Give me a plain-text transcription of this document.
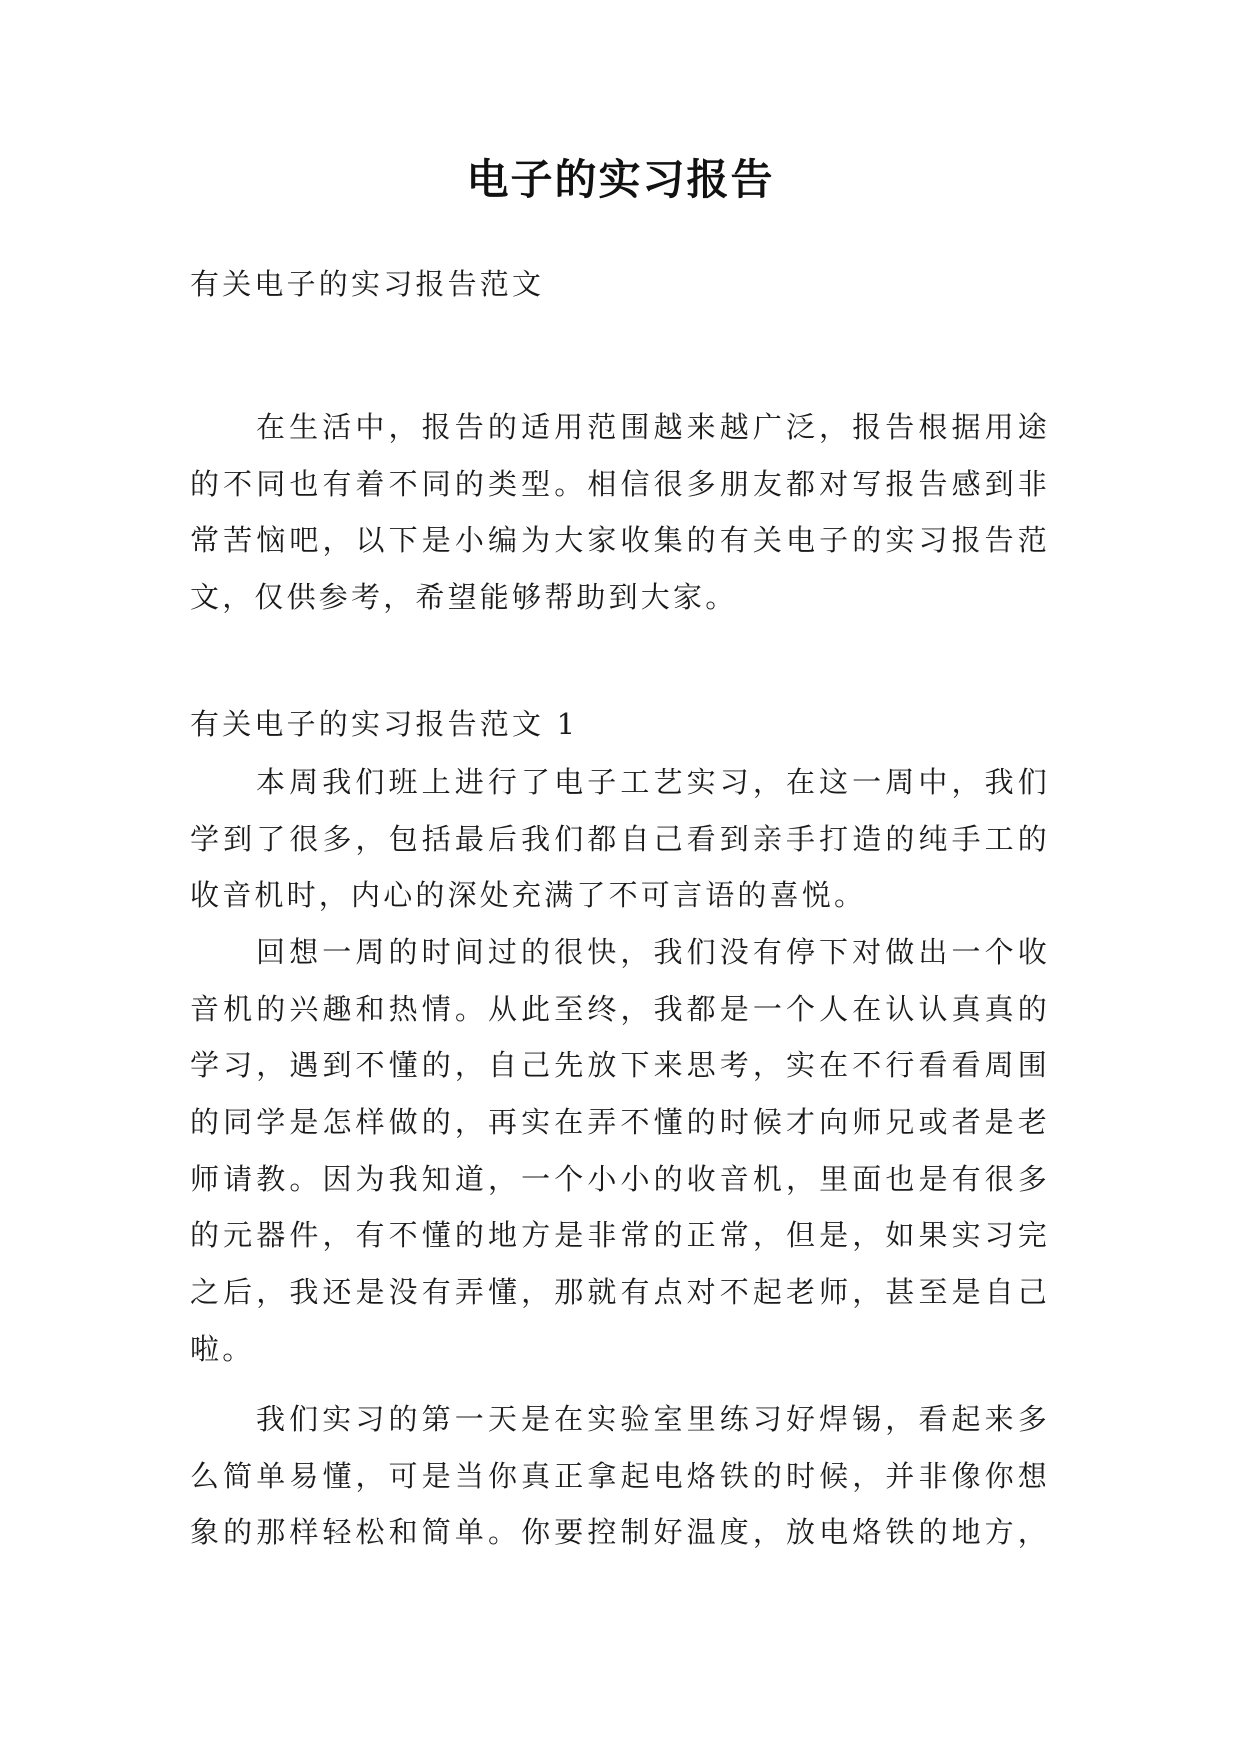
电子的实习报告
有关电子的实习报告范文
在生活中，报告的适用范围越来越广泛，报告根据用途
的不同也有着不同的类型。相信很多朋友都对写报告感到非
常苦恼吧，以下是小编为大家收集的有关电子的实习报告范
文，仅供参考，希望能够帮助到大家。
有关电子的实习报告范文 1
本周我们班上进行了电子工艺实习，在这一周中，我们
学到了很多，包括最后我们都自己看到亲手打造的纯手工的
收音机时，内心的深处充满了不可言语的喜悦。
回想一周的时间过的很快，我们没有停下对做出一个收
音机的兴趣和热情。从此至终，我都是一个人在认认真真的
学习，遇到不懂的，自己先放下来思考，实在不行看看周围
的同学是怎样做的，再实在弄不懂的时候才向师兄或者是老
师请教。因为我知道，一个小小的收音机，里面也是有很多
的元器件，有不懂的地方是非常的正常，但是，如果实习完
之后，我还是没有弄懂，那就有点对不起老师，甚至是自己
啦。
我们实习的第一天是在实验室里练习好焊锡，看起来多
么简单易懂，可是当你真正拿起电烙铁的时候，并非像你想
象的那样轻松和简单。你要控制好温度，放电烙铁的地方，
